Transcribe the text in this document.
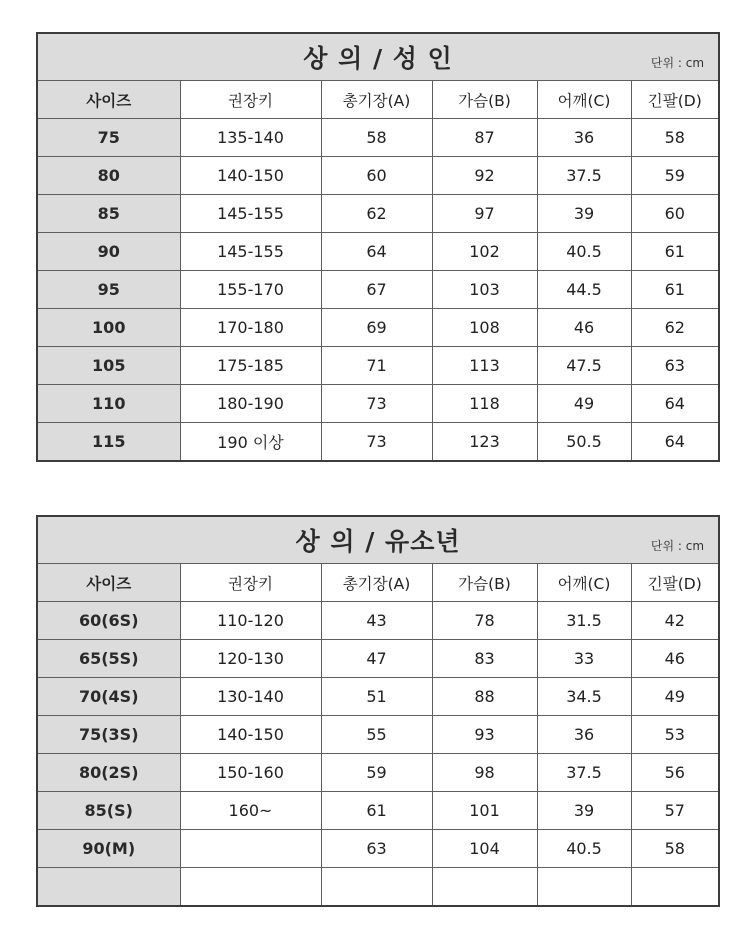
상 의 / 성 인 단위 : cm					

사이즈	권장키	총기장(A)	가슴(B)	어깨(C)	긴팔(D)
75	135-140	58	87	36	58
80	140-150	60	92	37.5	59
85	145-155	62	97	39	60
90	145-155	64	102	40.5	61
95	155-170	67	103	44.5	61
100	170-180	69	108	46	62
105	175-185	71	113	47.5	63
110	180-190	73	118	49	64
115	190 이상	73	123	50.5	64
상 의 / 유소년 단위 : cm					

사이즈	권장키	총기장(A)	가슴(B)	어깨(C)	긴팔(D)
60(6S)	110-120	43	78	31.5	42
65(5S)	120-130	47	83	33	46
70(4S)	130-140	51	88	34.5	49
75(3S)	140-150	55	93	36	53
80(2S)	150-160	59	98	37.5	56
85(S)	160~	61	101	39	57
90(M)		63	104	40.5	58
